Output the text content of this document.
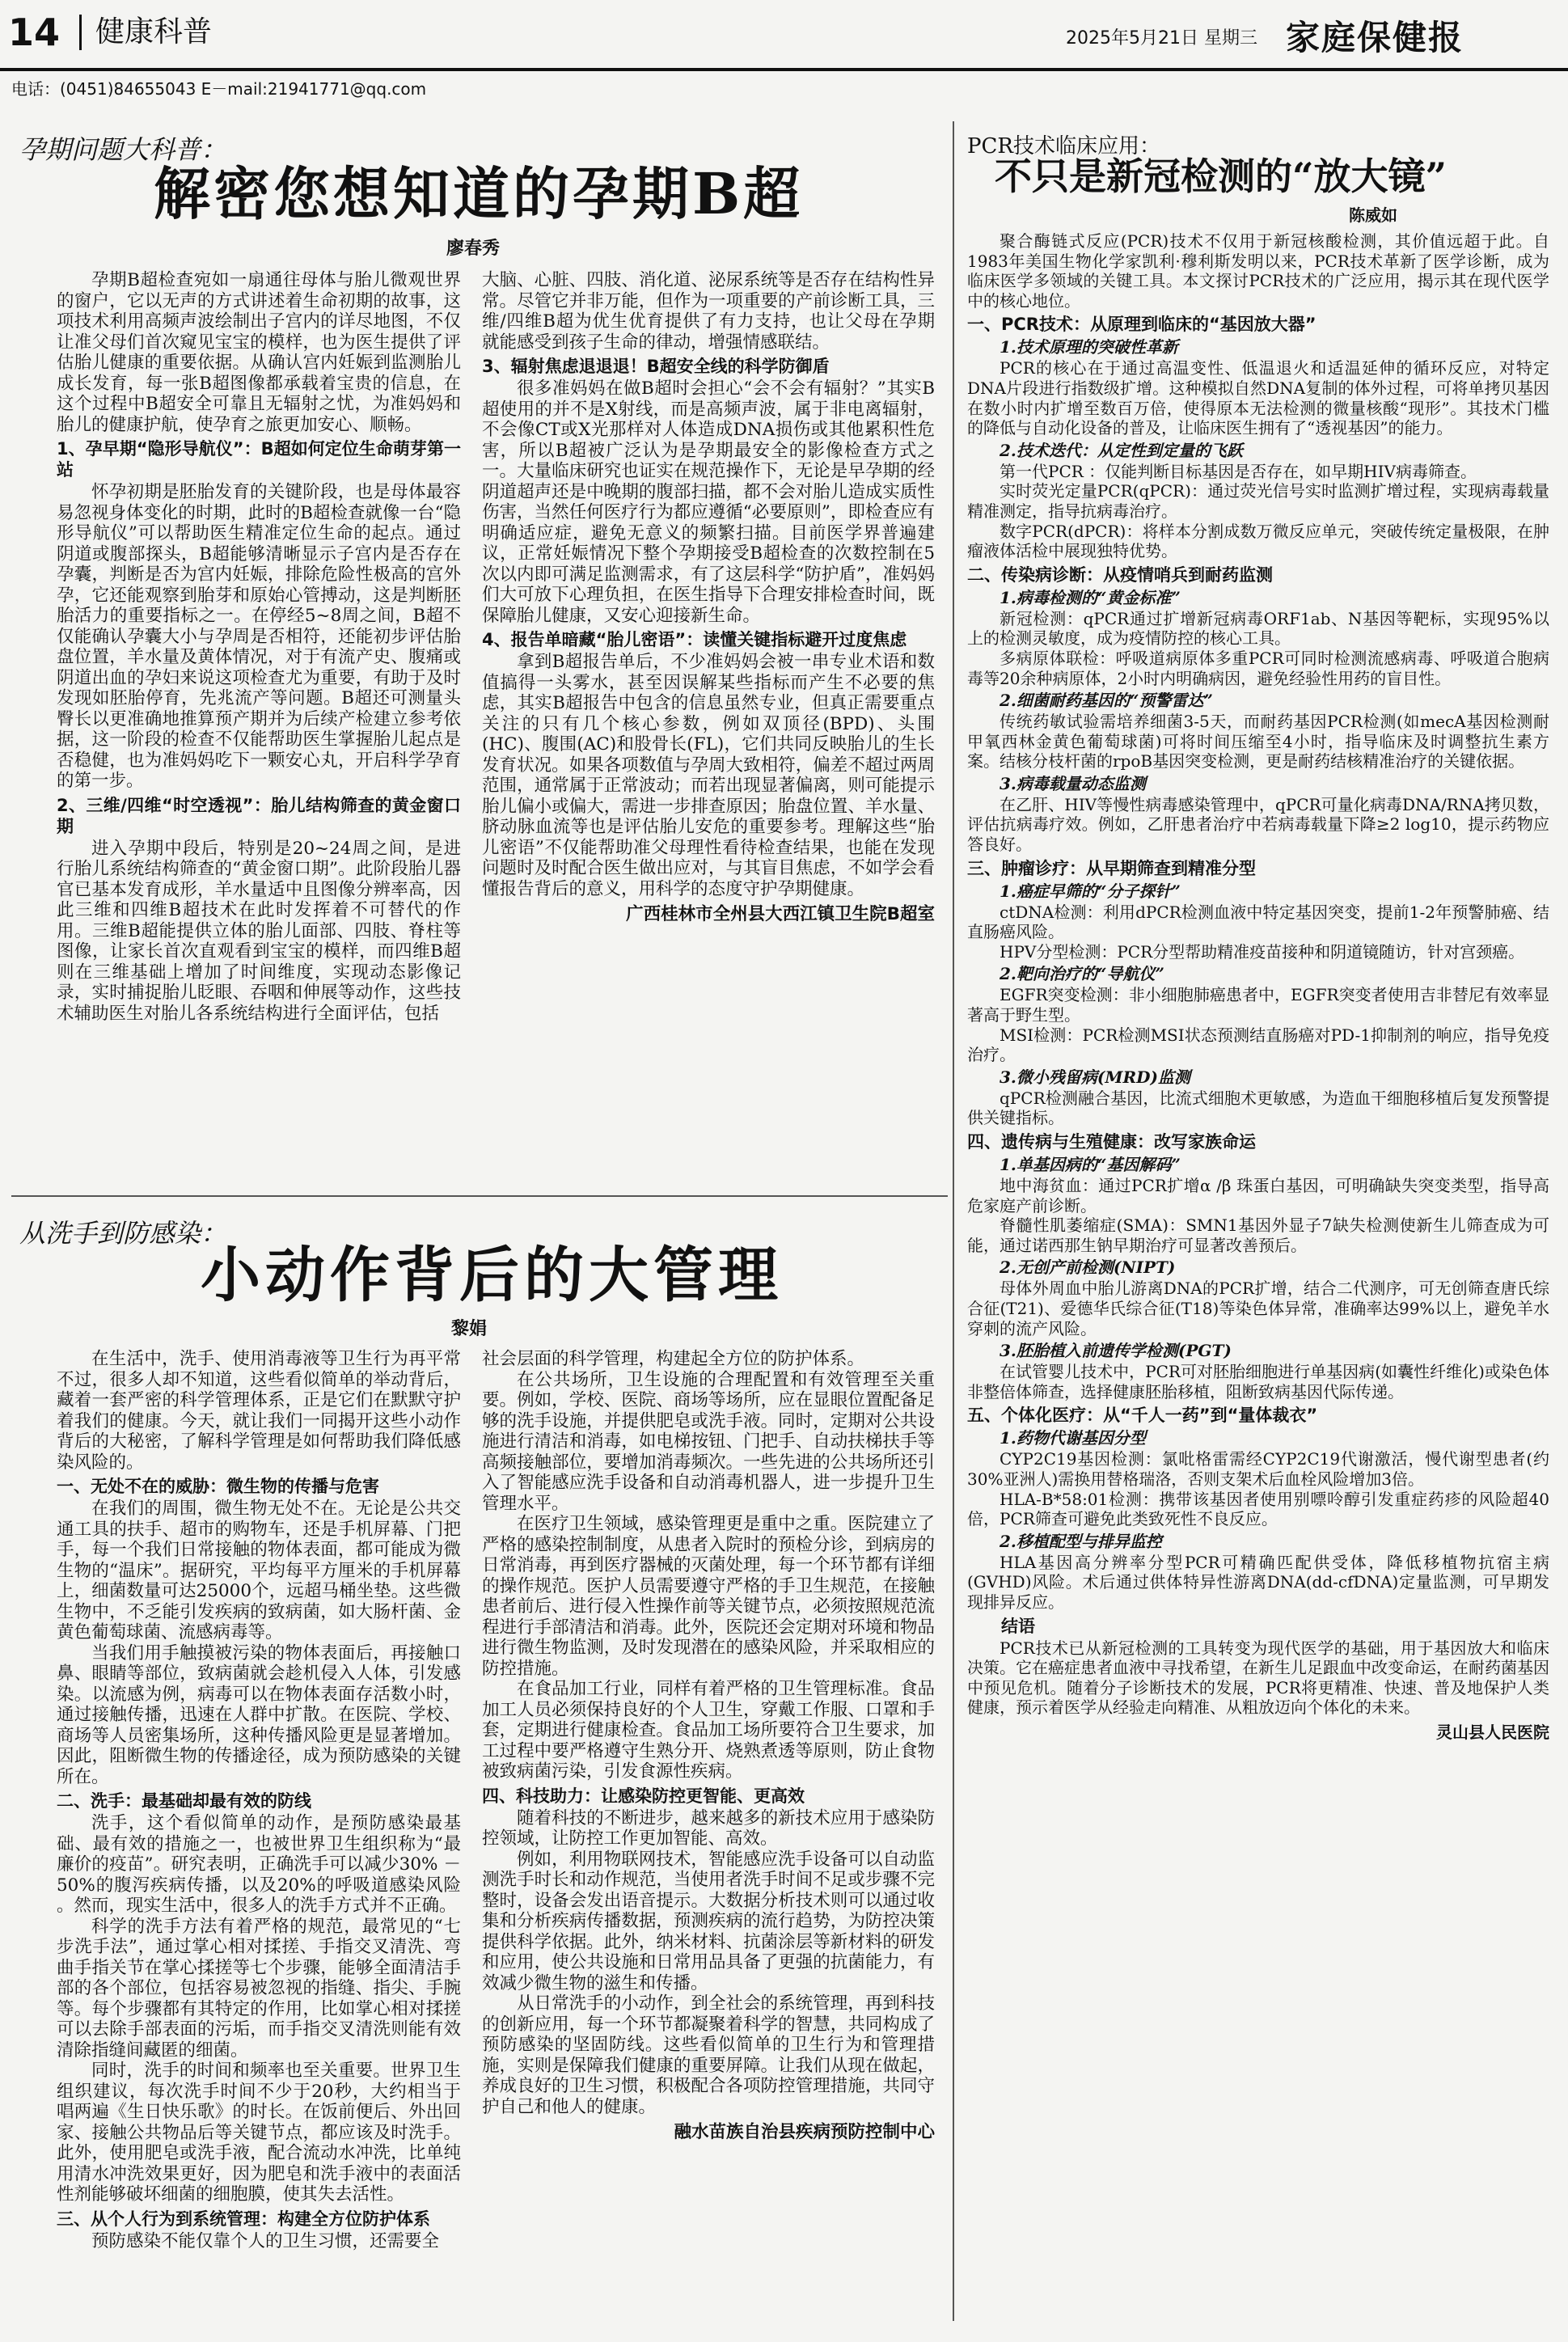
14 健康科普	2025年5月21日 星期三 家庭保健报
电话：(0451)84655043 E－mail:21941771@qq.com
孕期问题大科普：
解密您想知道的孕期B超
廖春秀

孕期B超检查宛如一扇通往母体与胎儿微观世界的窗户，它以无声的方式讲述着生命初期的故事，这项技术利用高频声波绘制出子宫内的详尽地图，不仅让准父母们首次窥见宝宝的模样，也为医生提供了评估胎儿健康的重要依据。从确认宫内妊娠到监测胎儿成长发育，每一张B超图像都承载着宝贵的信息，在这个过程中B超安全可靠且无辐射之忧，为准妈妈和胎儿的健康护航，使孕育之旅更加安心、顺畅。

1、孕早期“隐形导航仪”：B超如何定位生命萌芽第一站

怀孕初期是胚胎发育的关键阶段，也是母体最容易忽视身体变化的时期，此时的B超检查就像一台“隐形导航仪”可以帮助医生精准定位生命的起点。通过阴道或腹部探头，B超能够清晰显示子宫内是否存在孕囊，判断是否为宫内妊娠，排除危险性极高的宫外孕，它还能观察到胎芽和原始心管搏动，这是判断胚胎活力的重要指标之一。在停经5~8周之间，B超不仅能确认孕囊大小与孕周是否相符，还能初步评估胎盘位置，羊水量及黄体情况，对于有流产史、腹痛或阴道出血的孕妇来说这项检查尤为重要，有助于及时发现如胚胎停育，先兆流产等问题。B超还可测量头臀长以更准确地推算预产期并为后续产检建立参考依据，这一阶段的检查不仅能帮助医生掌握胎儿起点是否稳健，也为准妈妈吃下一颗安心丸，开启科学孕育的第一步。

2、三维/四维“时空透视”：胎儿结构筛查的黄金窗口期

进入孕期中段后，特别是20~24周之间，是进行胎儿系统结构筛查的“黄金窗口期”。此阶段胎儿器官已基本发育成形，羊水量适中且图像分辨率高，因此三维和四维B超技术在此时发挥着不可替代的作用。三维B超能提供立体的胎儿面部、四肢、脊柱等图像，让家长首次直观看到宝宝的模样，而四维B超则在三维基础上增加了时间维度，实现动态影像记录，实时捕捉胎儿眨眼、吞咽和伸展等动作，这些技术辅助医生对胎儿各系统结构进行全面评估，包括

大脑、心脏、四肢、消化道、泌尿系统等是否存在结构性异常。尽管它并非万能，但作为一项重要的产前诊断工具，三维/四维B超为优生优育提供了有力支持，也让父母在孕期就能感受到孩子生命的律动，增强情感联结。

3、辐射焦虑退退退！B超安全线的科学防御盾

很多准妈妈在做B超时会担心“会不会有辐射？”其实B超使用的并不是X射线，而是高频声波，属于非电离辐射，不会像CT或X光那样对人体造成DNA损伤或其他累积性危害，所以B超被广泛认为是孕期最安全的影像检查方式之一。大量临床研究也证实在规范操作下，无论是早孕期的经阴道超声还是中晚期的腹部扫描，都不会对胎儿造成实质性伤害，当然任何医疗行为都应遵循“必要原则”，即检查应有明确适应症，避免无意义的频繁扫描。目前医学界普遍建议，正常妊娠情况下整个孕期接受B超检查的次数控制在5次以内即可满足监测需求，有了这层科学“防护盾”，准妈妈们大可放下心理负担，在医生指导下合理安排检查时间，既保障胎儿健康，又安心迎接新生命。

4、报告单暗藏“胎儿密语”：读懂关键指标避开过度焦虑

拿到B超报告单后，不少准妈妈会被一串专业术语和数值搞得一头雾水，甚至因误解某些指标而产生不必要的焦虑，其实B超报告中包含的信息虽然专业，但真正需要重点关注的只有几个核心参数，例如双顶径(BPD)、头围(HC)、腹围(AC)和股骨长(FL)，它们共同反映胎儿的生长发育状况。如果各项数值与孕周大致相符，偏差不超过两周范围，通常属于正常波动；而若出现显著偏离，则可能提示胎儿偏小或偏大，需进一步排查原因；胎盘位置、羊水量、脐动脉血流等也是评估胎儿安危的重要参考。理解这些“胎儿密语”不仅能帮助准父母理性看待检查结果，也能在发现问题时及时配合医生做出应对，与其盲目焦虑，不如学会看懂报告背后的意义，用科学的态度守护孕期健康。

广西桂林市全州县大西江镇卫生院B超室

从洗手到防感染：
小动作背后的大管理
黎娟

在生活中，洗手、使用消毒液等卫生行为再平常不过，很多人却不知道，这些看似简单的举动背后，藏着一套严密的科学管理体系，正是它们在默默守护着我们的健康。今天，就让我们一同揭开这些小动作背后的大秘密，了解科学管理是如何帮助我们降低感染风险的。

一、无处不在的威胁：微生物的传播与危害

在我们的周围，微生物无处不在。无论是公共交通工具的扶手、超市的购物车，还是手机屏幕、门把手，每一个我们日常接触的物体表面，都可能成为微生物的“温床”。据研究，平均每平方厘米的手机屏幕上，细菌数量可达25000个，远超马桶坐垫。这些微生物中，不乏能引发疾病的致病菌，如大肠杆菌、金黄色葡萄球菌、流感病毒等。

当我们用手触摸被污染的物体表面后，再接触口鼻、眼睛等部位，致病菌就会趁机侵入人体，引发感染。以流感为例，病毒可以在物体表面存活数小时，通过接触传播，迅速在人群中扩散。在医院、学校、商场等人员密集场所，这种传播风险更是显著增加。因此，阻断微生物的传播途径，成为预防感染的关键所在。

二、洗手：最基础却最有效的防线

洗手，这个看似简单的动作，是预防感染最基础、最有效的措施之一，也被世界卫生组织称为“最廉价的疫苗”。研究表明，正确洗手可以减少30% － 50%的腹泻疾病传播，以及20%的呼吸道感染风险 。然而，现实生活中，很多人的洗手方式并不正确。

科学的洗手方法有着严格的规范，最常见的“七步洗手法”，通过掌心相对揉搓、手指交叉清洗、弯曲手指关节在掌心揉搓等七个步骤，能够全面清洁手部的各个部位，包括容易被忽视的指缝、指尖、手腕等。每个步骤都有其特定的作用，比如掌心相对揉搓可以去除手部表面的污垢，而手指交叉清洗则能有效清除指缝间藏匿的细菌。

同时，洗手的时间和频率也至关重要。世界卫生组织建议，每次洗手时间不少于20秒，大约相当于唱两遍《生日快乐歌》的时长。在饭前便后、外出回家、接触公共物品后等关键节点，都应该及时洗手。此外，使用肥皂或洗手液，配合流动水冲洗，比单纯用清水冲洗效果更好，因为肥皂和洗手液中的表面活性剂能够破坏细菌的细胞膜，使其失去活性。

三、从个人行为到系统管理：构建全方位防护体系

预防感染不能仅靠个人的卫生习惯，还需要全

社会层面的科学管理，构建起全方位的防护体系。

在公共场所，卫生设施的合理配置和有效管理至关重要。例如，学校、医院、商场等场所，应在显眼位置配备足够的洗手设施，并提供肥皂或洗手液。同时，定期对公共设施进行清洁和消毒，如电梯按钮、门把手、自动扶梯扶手等高频接触部位，要增加消毒频次。一些先进的公共场所还引入了智能感应洗手设备和自动消毒机器人，进一步提升卫生管理水平。

在医疗卫生领域，感染管理更是重中之重。医院建立了严格的感染控制制度，从患者入院时的预检分诊，到病房的日常消毒，再到医疗器械的灭菌处理，每一个环节都有详细的操作规范。医护人员需要遵守严格的手卫生规范，在接触患者前后、进行侵入性操作前等关键节点，必须按照规范流程进行手部清洁和消毒。此外，医院还会定期对环境和物品进行微生物监测，及时发现潜在的感染风险，并采取相应的防控措施。

在食品加工行业，同样有着严格的卫生管理标准。食品加工人员必须保持良好的个人卫生，穿戴工作服、口罩和手套，定期进行健康检查。食品加工场所要符合卫生要求，加工过程中要严格遵守生熟分开、烧熟煮透等原则，防止食物被致病菌污染，引发食源性疾病。

四、科技助力：让感染防控更智能、更高效

随着科技的不断进步，越来越多的新技术应用于感染防控领域，让防控工作更加智能、高效。

例如，利用物联网技术，智能感应洗手设备可以自动监测洗手时长和动作规范，当使用者洗手时间不足或步骤不完整时，设备会发出语音提示。大数据分析技术则可以通过收集和分析疾病传播数据，预测疾病的流行趋势，为防控决策提供科学依据。此外，纳米材料、抗菌涂层等新材料的研发和应用，使公共设施和日常用品具备了更强的抗菌能力，有效减少微生物的滋生和传播。

从日常洗手的小动作，到全社会的系统管理，再到科技的创新应用，每一个环节都凝聚着科学的智慧，共同构成了预防感染的坚固防线。这些看似简单的卫生行为和管理措施，实则是保障我们健康的重要屏障。让我们从现在做起，养成良好的卫生习惯，积极配合各项防控管理措施，共同守护自己和他人的健康。

融水苗族自治县疾病预防控制中心

PCR技术临床应用：
不只是新冠检测的“放大镜”
陈威如

聚合酶链式反应(PCR)技术不仅用于新冠核酸检测，其价值远超于此。自1983年美国生物化学家凯利·穆利斯发明以来，PCR技术革新了医学诊断，成为临床医学多领域的关键工具。本文探讨PCR技术的广泛应用，揭示其在现代医学中的核心地位。

一、PCR技术：从原理到临床的“基因放大器”
1.技术原理的突破性革新

PCR的核心在于通过高温变性、低温退火和适温延伸的循环反应，对特定DNA片段进行指数级扩增。这种模拟自然DNA复制的体外过程，可将单拷贝基因在数小时内扩增至数百万倍，使得原本无法检测的微量核酸“现形”。其技术门槛的降低与自动化设备的普及，让临床医生拥有了“透视基因”的能力。

2.技术迭代：从定性到定量的飞跃

第一代PCR ：仅能判断目标基因是否存在，如早期HIV病毒筛查。

实时荧光定量PCR(qPCR)：通过荧光信号实时监测扩增过程，实现病毒载量精准测定，指导抗病毒治疗。

数字PCR(dPCR)：将样本分割成数万微反应单元，突破传统定量极限，在肿瘤液体活检中展现独特优势。

二、传染病诊断：从疫情哨兵到耐药监测
1.病毒检测的“黄金标准”

新冠检测：qPCR通过扩增新冠病毒ORF1ab、N基因等靶标，实现95%以上的检测灵敏度，成为疫情防控的核心工具。

多病原体联检：呼吸道病原体多重PCR可同时检测流感病毒、呼吸道合胞病毒等20余种病原体，2小时内明确病因，避免经验性用药的盲目性。

2.细菌耐药基因的“预警雷达”

传统药敏试验需培养细菌3-5天，而耐药基因PCR检测(如mecA基因检测耐甲氧西林金黄色葡萄球菌)可将时间压缩至4小时，指导临床及时调整抗生素方案。结核分枝杆菌的rpoB基因突变检测，更是耐药结核精准治疗的关键依据。

3.病毒载量动态监测

在乙肝、HIV等慢性病毒感染管理中，qPCR可量化病毒DNA/RNA拷贝数，评估抗病毒疗效。例如，乙肝患者治疗中若病毒载量下降≥2 log10，提示药物应答良好。

三、肿瘤诊疗：从早期筛查到精准分型
1.癌症早筛的“分子探针”

ctDNA检测：利用dPCR检测血液中特定基因突变，提前1-2年预警肺癌、结直肠癌风险。

HPV分型检测：PCR分型帮助精准疫苗接种和阴道镜随访，针对宫颈癌。

2.靶向治疗的“导航仪”

EGFR突变检测：非小细胞肺癌患者中，EGFR突变者使用吉非替尼有效率显著高于野生型。

MSI检测：PCR检测MSI状态预测结直肠癌对PD-1抑制剂的响应，指导免疫治疗。

3.微小残留病(MRD)监测

qPCR检测融合基因，比流式细胞术更敏感，为造血干细胞移植后复发预警提供关键指标。

四、遗传病与生殖健康：改写家族命运
1.单基因病的“基因解码”

地中海贫血：通过PCR扩增α /β 珠蛋白基因，可明确缺失突变类型，指导高危家庭产前诊断。

脊髓性肌萎缩症(SMA)：SMN1基因外显子7缺失检测使新生儿筛查成为可能，通过诺西那生钠早期治疗可显著改善预后。

2.无创产前检测(NIPT)

母体外周血中胎儿游离DNA的PCR扩增，结合二代测序，可无创筛查唐氏综合征(T21)、爱德华氏综合征(T18)等染色体异常，准确率达99%以上，避免羊水穿刺的流产风险。

3.胚胎植入前遗传学检测(PGT)

在试管婴儿技术中，PCR可对胚胎细胞进行单基因病(如囊性纤维化)或染色体非整倍体筛查，选择健康胚胎移植，阻断致病基因代际传递。

五、个体化医疗：从“千人一药”到“量体裁衣”
1.药物代谢基因分型

CYP2C19基因检测：氯吡格雷需经CYP2C19代谢激活，慢代谢型患者(约30%亚洲人)需换用替格瑞洛，否则支架术后血栓风险增加3倍。

HLA-B*58:01检测：携带该基因者使用别嘌呤醇引发重症药疹的风险超40倍，PCR筛查可避免此类致死性不良反应。

2.移植配型与排异监控

HLA基因高分辨率分型PCR可精确匹配供受体，降低移植物抗宿主病(GVHD)风险。术后通过供体特异性游离DNA(dd-cfDNA)定量监测，可早期发现排异反应。

结语

PCR技术已从新冠检测的工具转变为现代医学的基础，用于基因放大和临床决策。它在癌症患者血液中寻找希望，在新生儿足跟血中改变命运，在耐药菌基因中预见危机。随着分子诊断技术的发展，PCR将更精准、快速、普及地保护人类健康，预示着医学从经验走向精准、从粗放迈向个体化的未来。

灵山县人民医院
